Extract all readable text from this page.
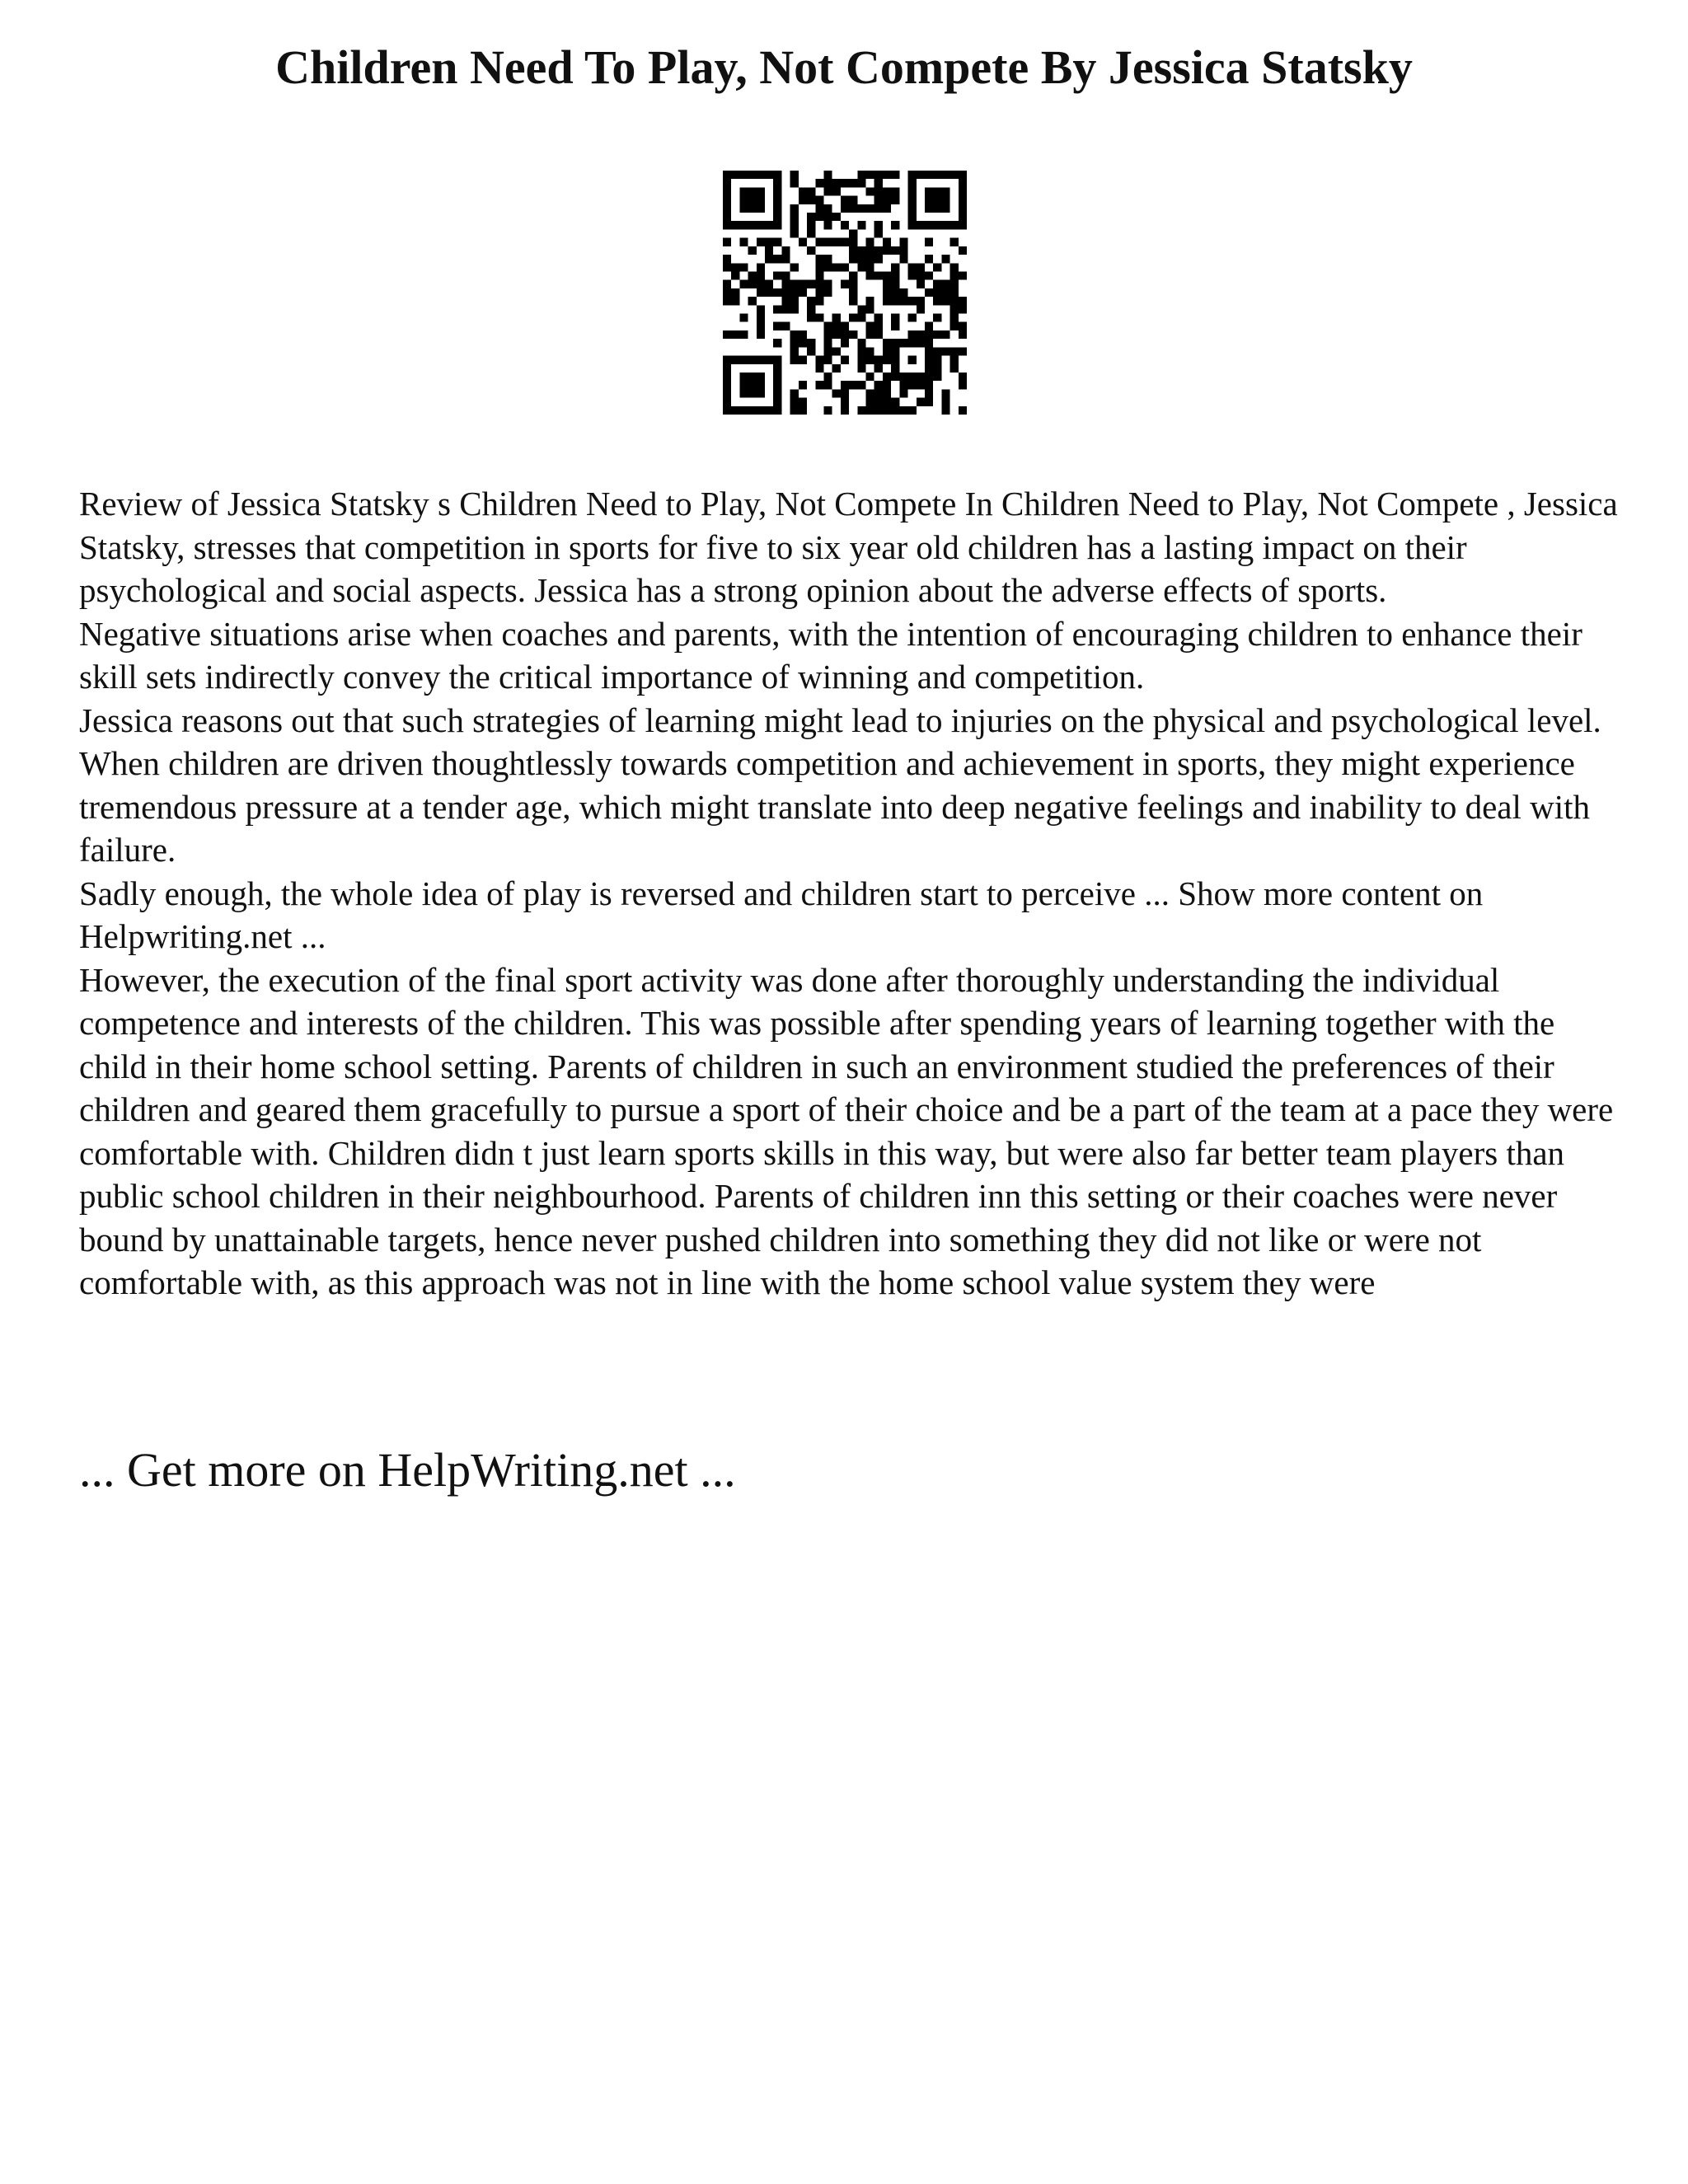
Children Need To Play, Not Compete By Jessica Statsky

Review of Jessica Statsky s Children Need to Play, Not Compete In Children Need to Play, Not Compete , Jessica Statsky, stresses that competition in sports for five to six year old children has a lasting impact on their psychological and social aspects. Jessica has a strong opinion about the adverse effects of sports.

Negative situations arise when coaches and parents, with the intention of encouraging children to enhance their skill sets indirectly convey the critical importance of winning and competition.

Jessica reasons out that such strategies of learning might lead to injuries on the physical and psychological level. When children are driven thoughtlessly towards competition and achievement in sports, they might experience tremendous pressure at a tender age, which might translate into deep negative feelings and inability to deal with failure.

Sadly enough, the whole idea of play is reversed and children start to perceive ... Show more content on Helpwriting.net ...

However, the execution of the final sport activity was done after thoroughly understanding the individual competence and interests of the children. This was possible after spending years of learning together with the child in their home school setting. Parents of children in such an environment studied the preferences of their children and geared them gracefully to pursue a sport of their choice and be a part of the team at a pace they were comfortable with. Children didn t just learn sports skills in this way, but were also far better team players than public school children in their neighbourhood. Parents of children inn this setting or their coaches were never bound by unattainable targets, hence never pushed children into something they did not like or were not comfortable with, as this approach was not in line with the home school value system they were

... Get more on HelpWriting.net ...
